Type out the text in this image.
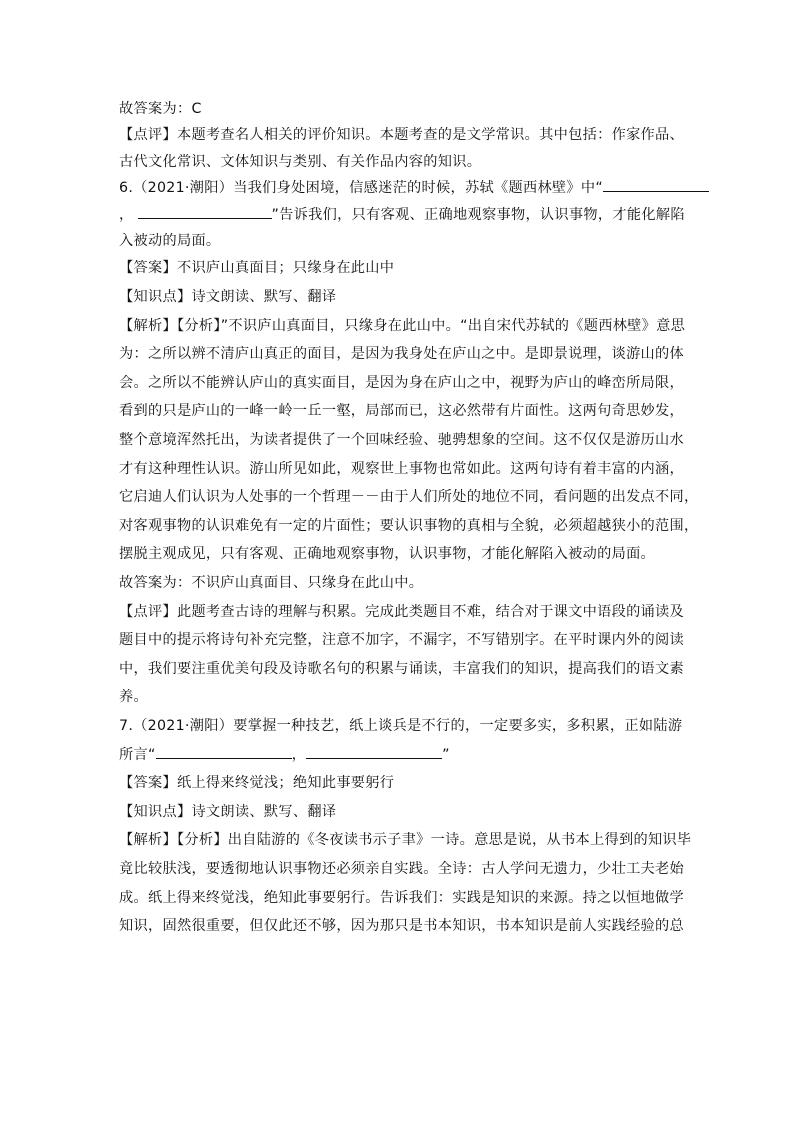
故答案为：C
【点评】本题考查名人相关的评价知识。本题考查的是文学常识。其中包括：作家作品、
古代文化常识、文体知识与类别、有关作品内容的知识。
6.（2021·潮阳）当我们身处困境，信感迷茫的时候，苏轼《题西林壁》中“
，	”告诉我们，只有客观、正确地观察事物，认识事物，才能化解陷
入被动的局面。
【答案】不识庐山真面目；只缘身在此山中
【知识点】诗文朗读、默写、翻译
【解析】【分析】”不识庐山真面目，只缘身在此山中。“出自宋代苏轼的《题西林壁》意思
为：之所以辨不清庐山真正的面目，是因为我身处在庐山之中。是即景说理，谈游山的体
会。之所以不能辨认庐山的真实面目，是因为身在庐山之中，视野为庐山的峰峦所局限，
看到的只是庐山的一峰一岭一丘一壑，局部而已，这必然带有片面性。这两句奇思妙发，
整个意境浑然托出，为读者提供了一个回味经验、驰骋想象的空间。这不仅仅是游历山水
才有这种理性认识。游山所见如此，观察世上事物也常如此。这两句诗有着丰富的内涵，
它启迪人们认识为人处事的一个哲理－－由于人们所处的地位不同，看问题的出发点不同，
对客观事物的认识难免有一定的片面性；要认识事物的真相与全貌，必须超越狭小的范围，
摆脱主观成见，只有客观、正确地观察事物，认识事物，才能化解陷入被动的局面。
故答案为：不识庐山真面目、只缘身在此山中。
【点评】此题考查古诗的理解与积累。完成此类题目不难，结合对于课文中语段的诵读及
题目中的提示将诗句补充完整，注意不加字，不漏字，不写错别字。在平时课内外的阅读
中，我们要注重优美句段及诗歌名句的积累与诵读，丰富我们的知识，提高我们的语文素
养。
7.（2021·潮阳）要掌握一种技艺，纸上谈兵是不行的，一定要多实，多积累，正如陆游
所言“	，	”
【答案】纸上得来终觉浅；绝知此事要躬行
【知识点】诗文朗读、默写、翻译
【解析】【分析】出自陆游的《冬夜读书示子聿》一诗。意思是说，从书本上得到的知识毕
竟比较肤浅，要透彻地认识事物还必须亲自实践。全诗：古人学问无遗力，少壮工夫老始
成。纸上得来终觉浅，绝知此事要躬行。告诉我们：实践是知识的来源。持之以恒地做学
知识，固然很重要，但仅此还不够，因为那只是书本知识，书本知识是前人实践经验的总
